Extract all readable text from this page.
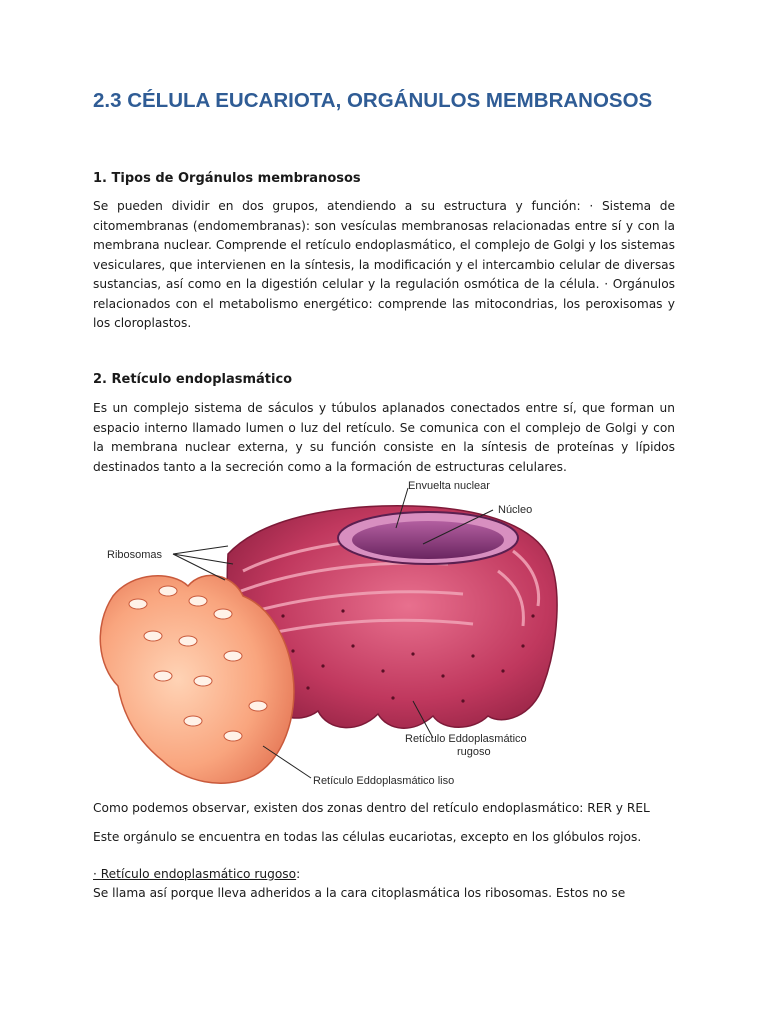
2.3 CÉLULA EUCARIOTA, ORGÁNULOS MEMBRANOSOS
1. Tipos de Orgánulos membranosos

Se pueden dividir en dos grupos, atendiendo a su estructura y función: · Sistema de citomembranas (endomembranas): son vesículas membranosas relacionadas entre sí y con la membrana nuclear. Comprende el retículo endoplasmático, el complejo de Golgi y los sistemas vesiculares, que intervienen en la síntesis, la modificación y el intercambio celular de diversas sustancias, así como en la digestión celular y la regulación osmótica de la célula. · Orgánulos relacionados con el metabolismo energético: comprende las mitocondrias, los peroxisomas y los cloroplastos.

2. Retículo endoplasmático

Es un complejo sistema de sáculos y túbulos aplanados conectados entre sí, que forman un espacio interno llamado lumen o luz del retículo. Se comunica con el complejo de Golgi y con la membrana nuclear externa, y su función consiste en la síntesis de proteínas y lípidos destinados tanto a la secreción como a la formación de estructuras celulares.

Envuelta nuclear
Núcleo
Ribosomas
Retículo Eddoplasmático
rugoso
Retículo Eddoplasmático liso

Como podemos observar, existen dos zonas dentro del retículo endoplasmático: RER y REL

Este orgánulo se encuentra en todas las células eucariotas, excepto en los glóbulos rojos.

· Retículo endoplasmático rugoso:

Se llama así porque lleva adheridos a la cara citoplasmática los ribosomas. Estos no se
